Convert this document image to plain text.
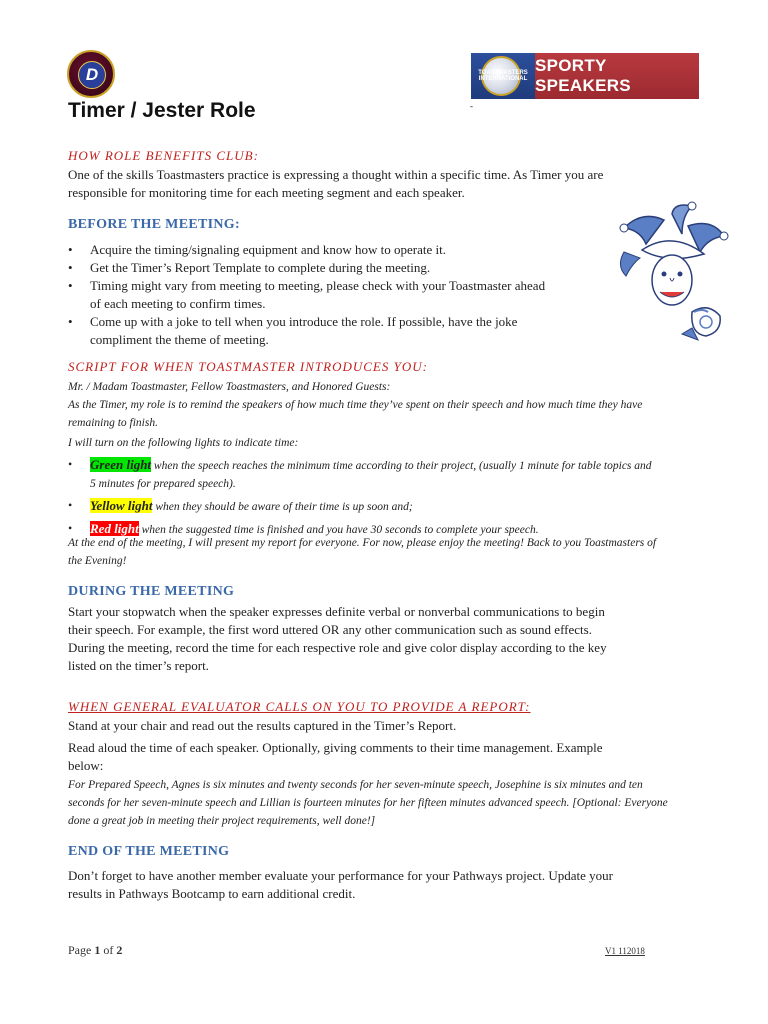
D	TOASTMASTERS INTERNATIONAL
SPORTY SPEAKERS
-
Timer / Jester Role
HOW ROLE BENEFITS CLUB:
One of the skills Toastmasters practice is expressing a thought within a specific time. As Timer you are
responsible for monitoring time for each meeting segment and each speaker.
BEFORE THE MEETING:
• Acquire the timing/signaling equipment and know how to operate it.
• Get the Timer’s Report Template to complete during the meeting.
• Timing might vary from meeting to meeting, please check with your Toastmaster ahead
of each meeting to confirm times.
• Come up with a joke to tell when you introduce the role. If possible, have the joke
compliment the theme of meeting.
SCRIPT FOR WHEN TOASTMASTER INTRODUCES YOU:
Mr. / Madam Toastmaster, Fellow Toastmasters, and Honored Guests:
As the Timer, my role is to remind the speakers of how much time they’ve spent on their speech and how much time they have
remaining to finish.
I will turn on the following lights to indicate time:
• Green light when the speech reaches the minimum time according to their project, (usually 1 minute for table topics and
5 minutes for prepared speech).
• Yellow light when they should be aware of their time is up soon and;
• Red light when the suggested time is finished and you have 30 seconds to complete your speech.
At the end of the meeting, I will present my report for everyone. For now, please enjoy the meeting! Back to you Toastmasters of
the Evening!
DURING THE MEETING
Start your stopwatch when the speaker expresses definite verbal or nonverbal communications to begin
their speech. For example, the first word uttered OR any other communication such as sound effects.
During the meeting, record the time for each respective role and give color display according to the key
listed on the timer’s report.
WHEN GENERAL EVALUATOR CALLS ON YOU TO PROVIDE A REPORT:
Stand at your chair and read out the results captured in the Timer’s Report.
Read aloud the time of each speaker. Optionally, giving comments to their time management. Example
below:
For Prepared Speech, Agnes is six minutes and twenty seconds for her seven-minute speech, Josephine is six minutes and ten
seconds for her seven-minute speech and Lillian is fourteen minutes for her fifteen minutes advanced speech. [Optional: Everyone
done a great job in meeting their project requirements, well done!]
END OF THE MEETING
Don’t forget to have another member evaluate your performance for your Pathways project. Update your
results in Pathways Bootcamp to earn additional credit.
Page 1 of 2	V1 112018
